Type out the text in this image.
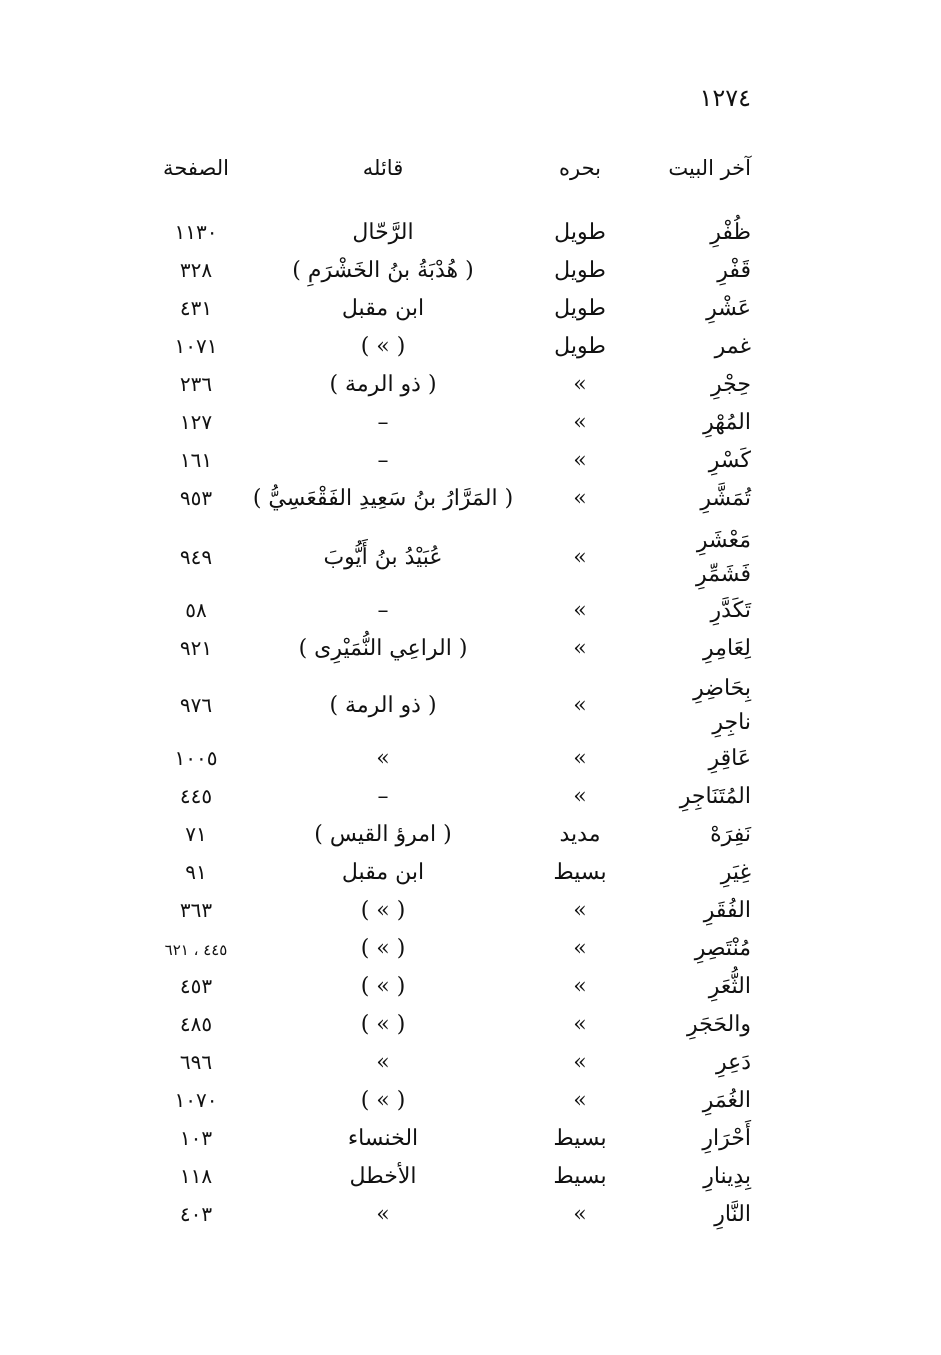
١٢٧٤
آخر البيت
بحره
قائله
الصفحة
ظُفْرِ
طويل
الرَّحّال
١١٣٠
قَفْرِ
طويل
( هُدْبَةُ بنُ الخَشْرَمِ )
٣٢٨
عَشْرِ
طويل
ابن مقبل
٤٣١
غمر
طويل
( « )
١٠٧١
حِجْرِ
«
( ذو الرمة )
٢٣٦
المُهْرِ
«
–
١٢٧
كَسْرِ
«
–
١٦١
تُمَشَّرِ
«
( المَرَّارُ بنُ سَعِيدِ الفَقْعَسِيُّ )
٩٥٣
مَعْشَرِ
فَشَمِّرِ
«
عُبَيْدُ بنُ أَيُّوبَ
٩٤٩
تَكَدَّرِ
«
–
٥٨
لِعَامِرِ
«
( الراعِي النُّمَيْرِى )
٩٢١
بِحَاضِرِ
ناجِرِ
«
( ذو الرمة )
٩٧٦
عَاقِرِ
«
«
١٠٠٥
المُتَنَاجِرِ
«
–
٤٤٥
نَفِرَهْ
مديد
( امرؤ القيس )
٧١
غِيَرِ
بسيط
ابن مقبل
٩١
الفُقَرِ
«
( « )
٣٦٣
مُنْتَصِرِ
«
( « )
٤٤٥ ، ٦٢١
الثُّعَرِ
«
( « )
٤٥٣
والحَجَرِ
«
( « )
٤٨٥
دَعِرِ
«
«
٦٩٦
الغُمَرِ
«
( « )
١٠٧٠
أَحْرَارِ
بسيط
الخنساء
١٠٣
بِدِينارِ
بسيط
الأخطل
١١٨
النَّارِ
«
«
٤٠٣
